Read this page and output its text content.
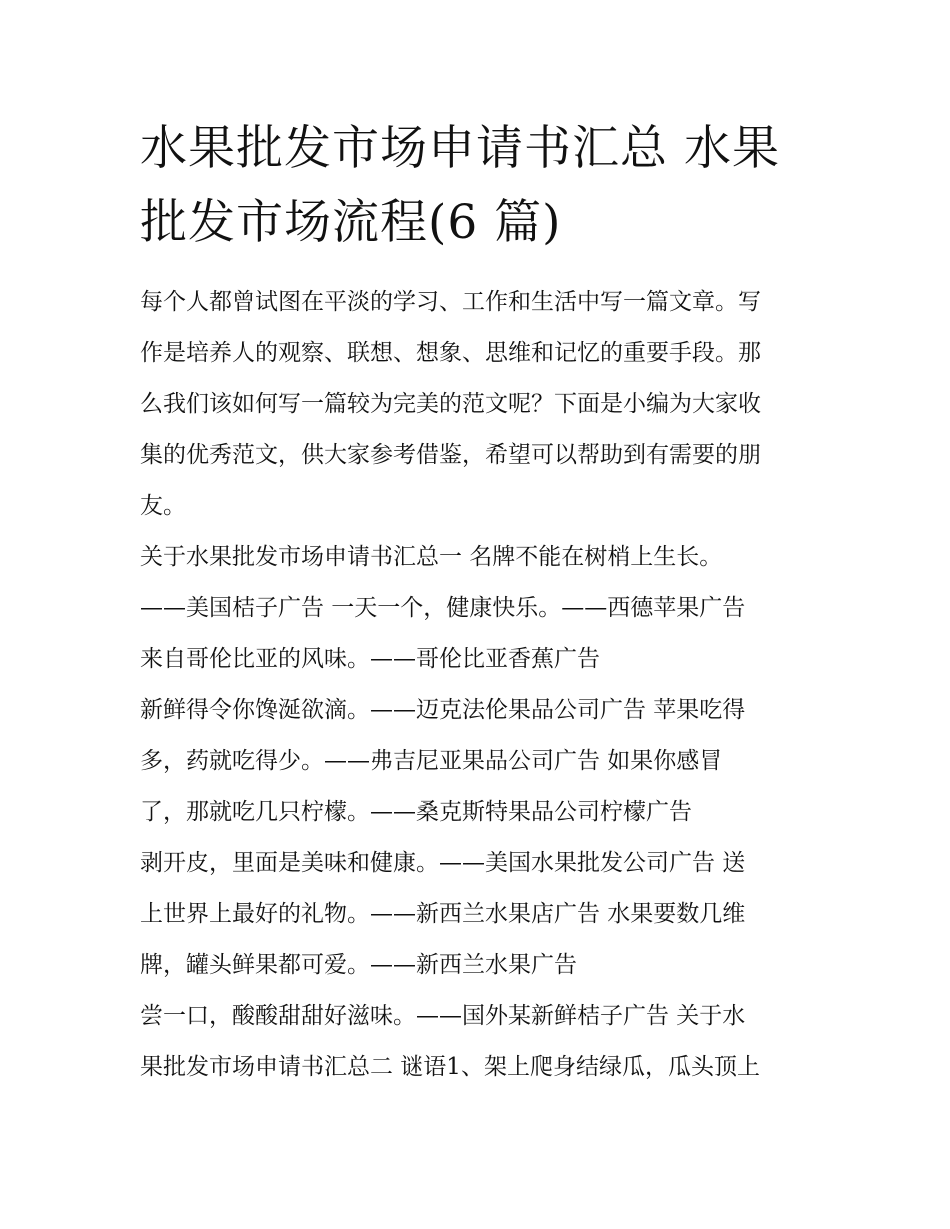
水果批发市场申请书汇总 水果
批发市场流程(6 篇)
每个人都曾试图在平淡的学习、工作和生活中写一篇文章。写
作是培养人的观察、联想、想象、思维和记忆的重要手段。那
么我们该如何写一篇较为完美的范文呢？下面是小编为大家收
集的优秀范文，供大家参考借鉴，希望可以帮助到有需要的朋
友。
关于水果批发市场申请书汇总一 名牌不能在树梢上生长。
——美国桔子广告 一天一个，健康快乐。——西德苹果广告
来自哥伦比亚的风味。——哥伦比亚香蕉广告
新鲜得令你馋涎欲滴。——迈克法伦果品公司广告 苹果吃得
多，药就吃得少。——弗吉尼亚果品公司广告 如果你感冒
了，那就吃几只柠檬。——桑克斯特果品公司柠檬广告
剥开皮，里面是美味和健康。——美国水果批发公司广告 送
上世界上最好的礼物。——新西兰水果店广告 水果要数几维
牌，罐头鲜果都可爱。——新西兰水果广告
尝一口，酸酸甜甜好滋味。——国外某新鲜桔子广告 关于水
果批发市场申请书汇总二 谜语1、架上爬身结绿瓜，瓜头顶上
